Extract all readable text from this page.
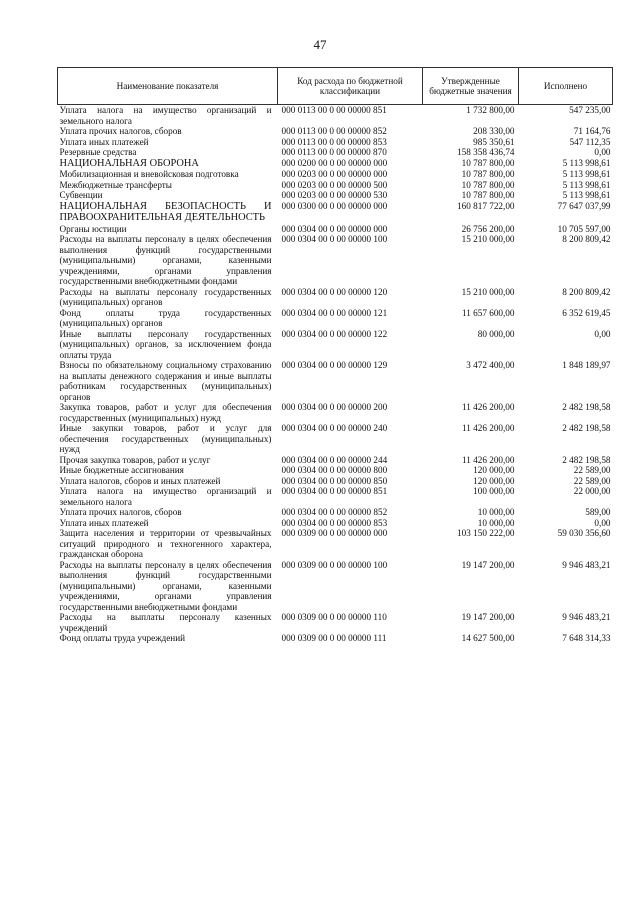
47
Наименование показателя	Код расхода по бюджетной классификации	Утвержденные бюджетные значения	Исполнено
Уплата налога на имущество организаций и земельного налога	000 0113 00 0 00 00000 851	1 732 800,00	547 235,00
Уплата прочих налогов, сборов	000 0113 00 0 00 00000 852	208 330,00	71 164,76
Уплата иных платежей	000 0113 00 0 00 00000 853	985 350,61	547 112,35
Резервные средства	000 0113 00 0 00 00000 870	158 358 436,74	0,00
НАЦИОНАЛЬНАЯ ОБОРОНА	000 0200 00 0 00 00000 000	10 787 800,00	5 113 998,61
Мобилизационная и вневойсковая подготовка	000 0203 00 0 00 00000 000	10 787 800,00	5 113 998,61
Межбюджетные трансферты	000 0203 00 0 00 00000 500	10 787 800,00	5 113 998,61
Субвенции	000 0203 00 0 00 00000 530	10 787 800,00	5 113 998,61
НАЦИОНАЛЬНАЯ БЕЗОПАСНОСТЬ И ПРАВООХРАНИТЕЛЬНАЯ ДЕЯТЕЛЬНОСТЬ	000 0300 00 0 00 00000 000	160 817 722,00	77 647 037,99
Органы юстиции	000 0304 00 0 00 00000 000	26 756 200,00	10 705 597,00
Расходы на выплаты персоналу в целях обеспечения выполнения функций государственными (муниципальными) органами, казенными учреждениями, органами управления государственными внебюджетными фондами	000 0304 00 0 00 00000 100	15 210 000,00	8 200 809,42
Расходы на выплаты персоналу государственных (муниципальных) органов	000 0304 00 0 00 00000 120	15 210 000,00	8 200 809,42
Фонд оплаты труда государственных (муниципальных) органов	000 0304 00 0 00 00000 121	11 657 600,00	6 352 619,45
Иные выплаты персоналу государственных (муниципальных) органов, за исключением фонда оплаты труда	000 0304 00 0 00 00000 122	80 000,00	0,00
Взносы по обязательному социальному страхованию на выплаты денежного содержания и иные выплаты работникам государственных (муниципальных) органов	000 0304 00 0 00 00000 129	3 472 400,00	1 848 189,97
Закупка товаров, работ и услуг для обеспечения государственных (муниципальных) нужд	000 0304 00 0 00 00000 200	11 426 200,00	2 482 198,58
Иные закупки товаров, работ и услуг для обеспечения государственных (муниципальных) нужд	000 0304 00 0 00 00000 240	11 426 200,00	2 482 198,58
Прочая закупка товаров, работ и услуг	000 0304 00 0 00 00000 244	11 426 200,00	2 482 198,58
Иные бюджетные ассигнования	000 0304 00 0 00 00000 800	120 000,00	22 589,00
Уплата налогов, сборов и иных платежей	000 0304 00 0 00 00000 850	120 000,00	22 589,00
Уплата налога на имущество организаций и земельного налога	000 0304 00 0 00 00000 851	100 000,00	22 000,00
Уплата прочих налогов, сборов	000 0304 00 0 00 00000 852	10 000,00	589,00
Уплата иных платежей	000 0304 00 0 00 00000 853	10 000,00	0,00
Защита населения и территории от чрезвычайных ситуаций природного и техногенного характера, гражданская оборона	000 0309 00 0 00 00000 000	103 150 222,00	59 030 356,60
Расходы на выплаты персоналу в целях обеспечения выполнения функций государственными (муниципальными) органами, казенными учреждениями, органами управления государственными внебюджетными фондами	000 0309 00 0 00 00000 100	19 147 200,00	9 946 483,21
Расходы на выплаты персоналу казенных учреждений	000 0309 00 0 00 00000 110	19 147 200,00	9 946 483,21
Фонд оплаты труда учреждений	000 0309 00 0 00 00000 111	14 627 500,00	7 648 314,33
